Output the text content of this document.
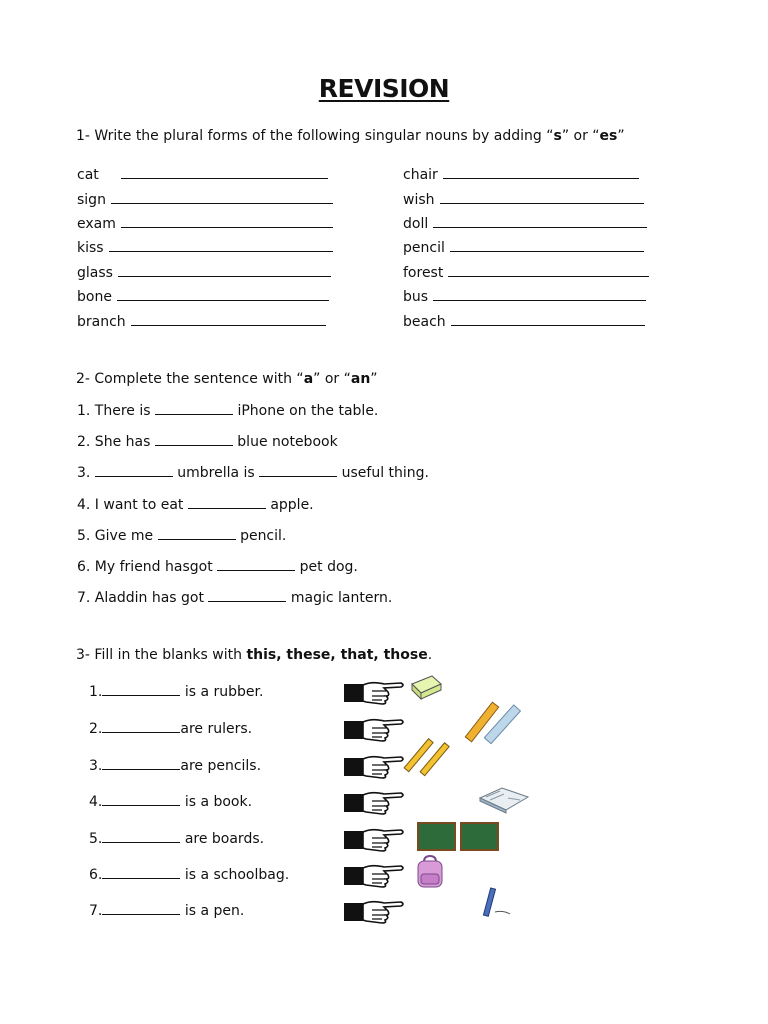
REVISION
1- Write the plural forms of the following singular nouns by adding “s” or “es”
cat
sign
exam
kiss
glass
bone
branch
chair
wish
doll
pencil
forest
bus
beach
2- Complete the sentence with “a” or “an”
1. There is	iPhone on the table.
2. She has	blue notebook
3.	umbrella is	useful thing.
4. I want to eat	apple.
5. Give me	pencil.
6. My friend hasgot	pet dog.
7. Aladdin has got	magic lantern.
3- Fill in the blanks with this, these, that, those.
1.	is a rubber.
2.	are rulers.
3.	are pencils.
4.	is a book.
5.	are boards.
6.	is a schoolbag.
7.	is a pen.
